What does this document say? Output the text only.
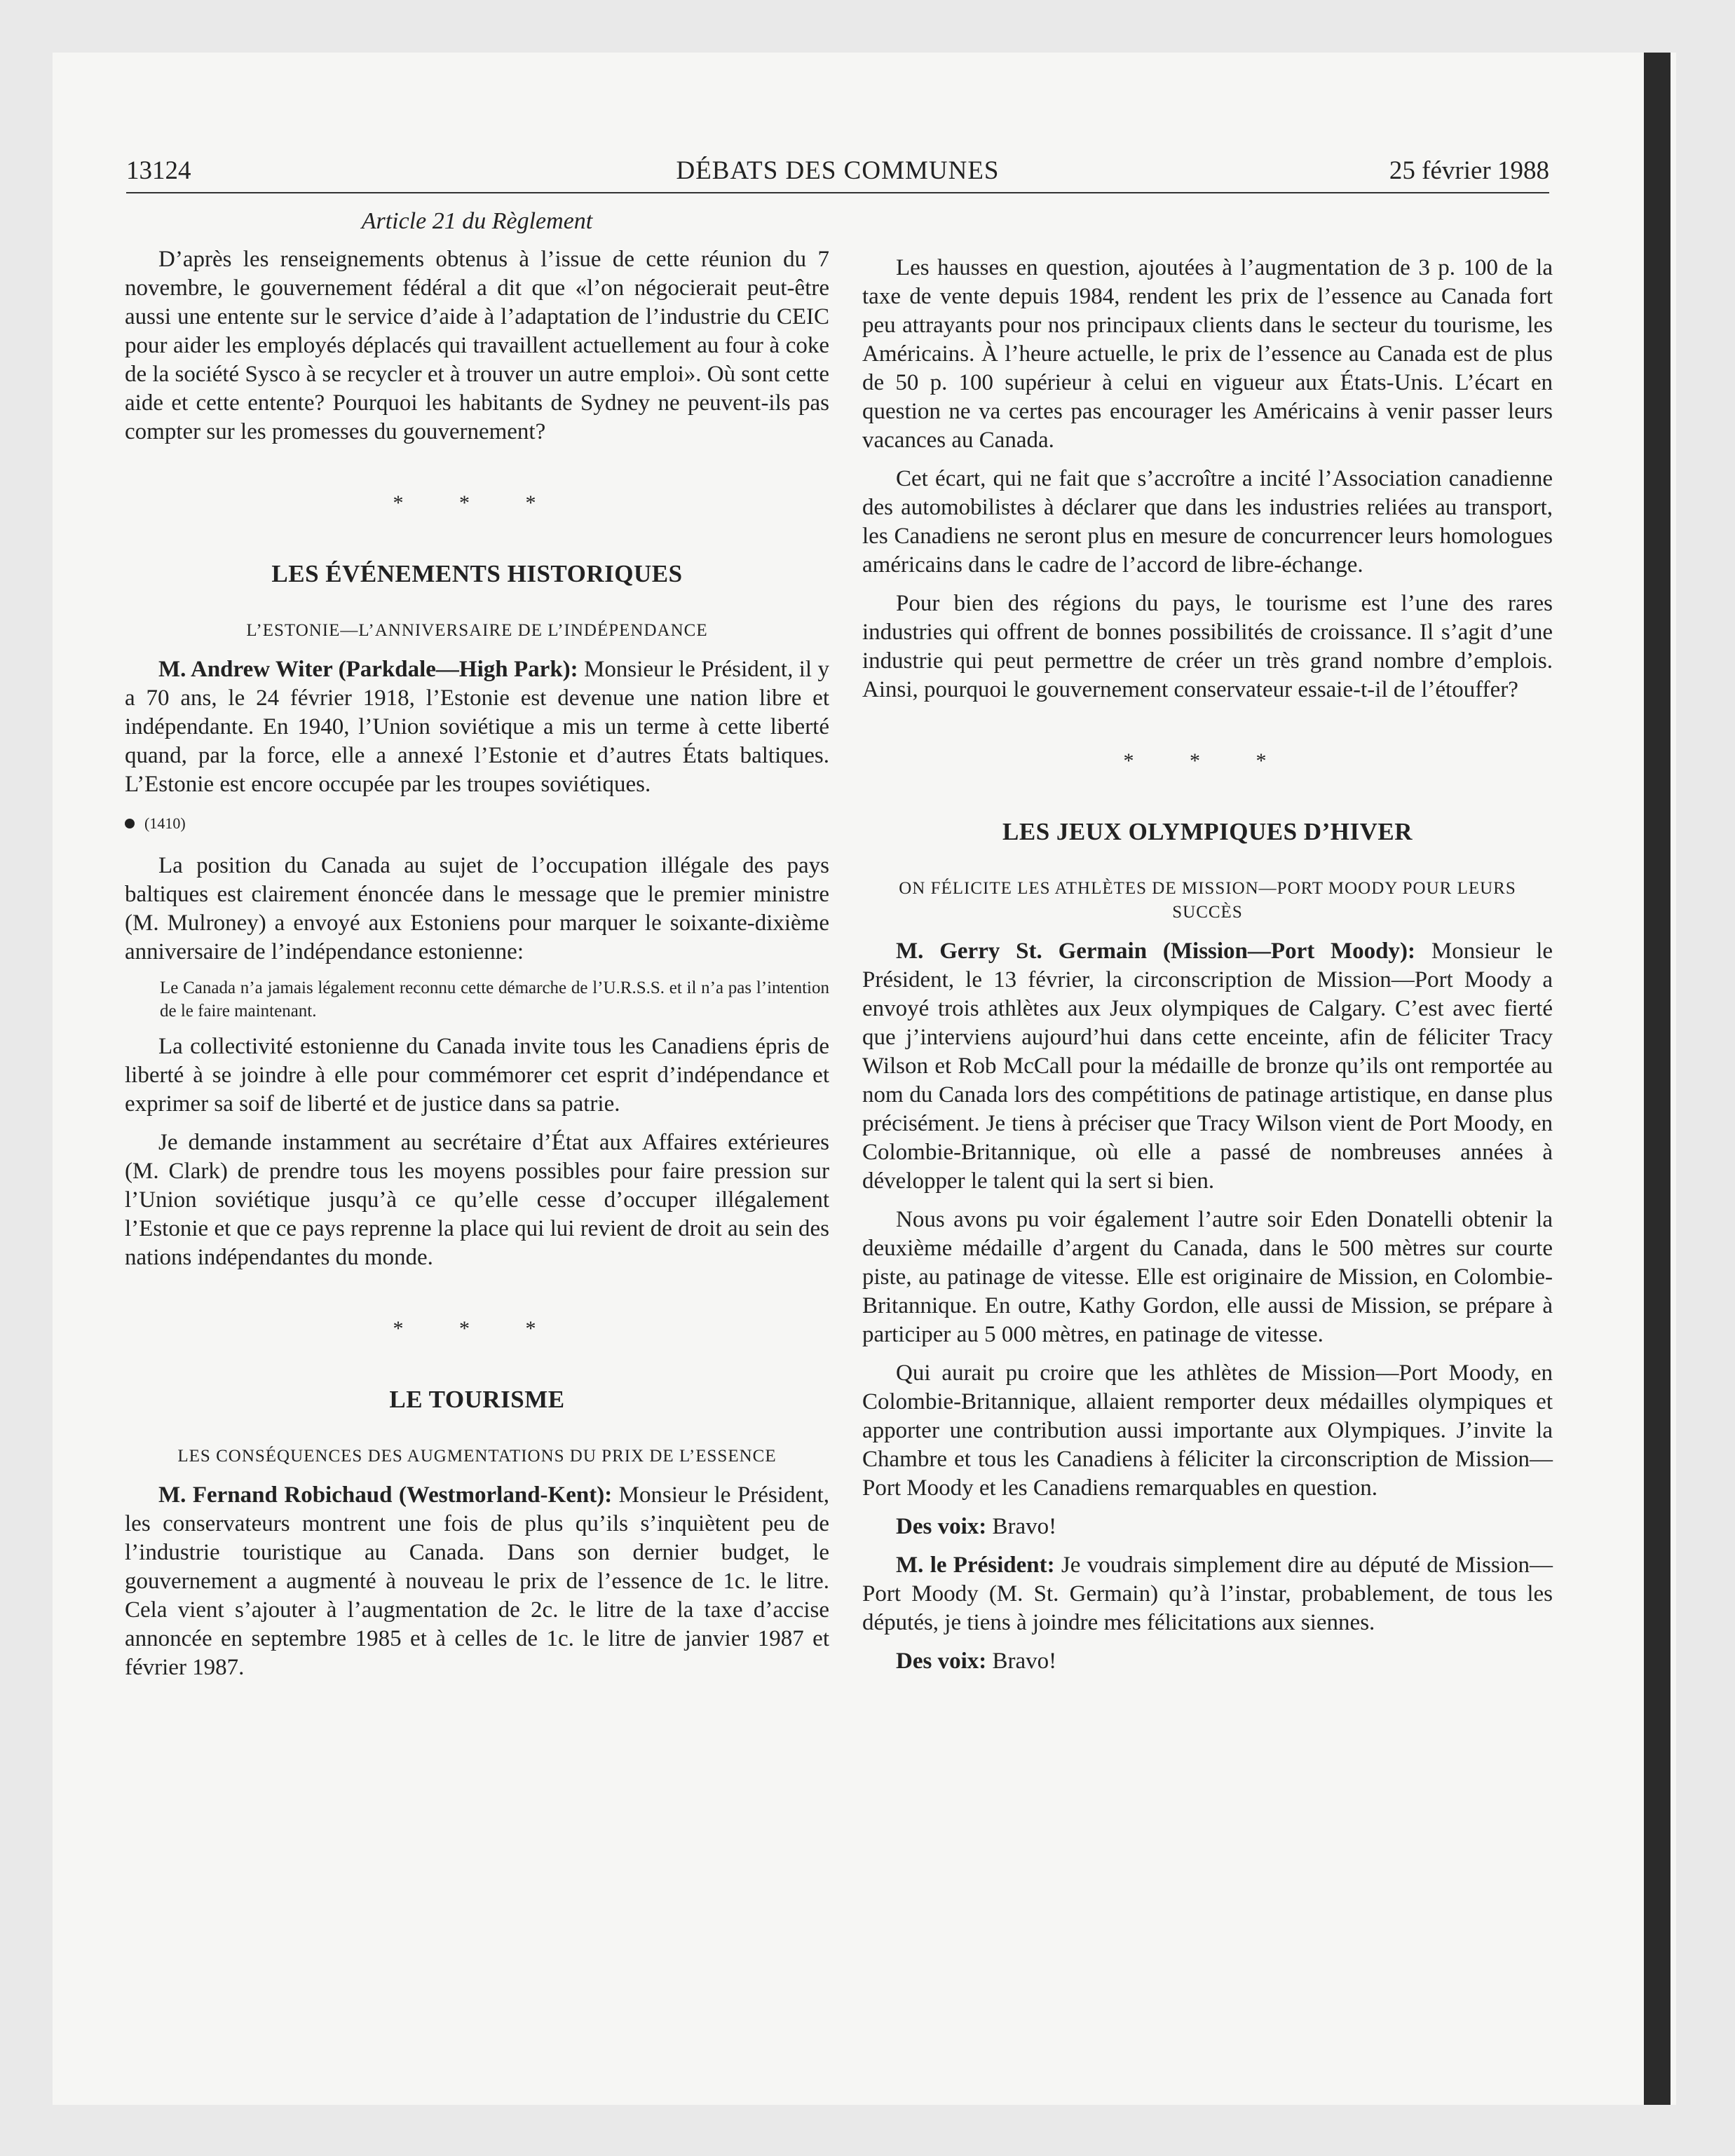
13124	DÉBATS DES COMMUNES	25 février 1988

Article 21 du Règlement

D’après les renseignements obtenus à l’issue de cette réunion du 7 novembre, le gouvernement fédéral a dit que «l’on négocierait peut-être aussi une entente sur le service d’aide à l’adaptation de l’industrie du CEIC pour aider les employés déplacés qui travaillent actuellement au four à coke de la société Sysco à se recycler et à trouver un autre emploi». Où sont cette aide et cette entente? Pourquoi les habitants de Sydney ne peuvent-ils pas compter sur les promesses du gouvernement?

* * *

LES ÉVÉNEMENTS HISTORIQUES

L’ESTONIE—L’ANNIVERSAIRE DE L’INDÉPENDANCE

M. Andrew Witer (Parkdale—High Park): Monsieur le Président, il y a 70 ans, le 24 février 1918, l’Estonie est devenue une nation libre et indépendante. En 1940, l’Union soviétique a mis un terme à cette liberté quand, par la force, elle a annexé l’Estonie et d’autres États baltiques. L’Estonie est encore occupée par les troupes soviétiques.

(1410)

La position du Canada au sujet de l’occupation illégale des pays baltiques est clairement énoncée dans le message que le premier ministre (M. Mulroney) a envoyé aux Estoniens pour marquer le soixante-dixième anniversaire de l’indépendance estonienne:

Le Canada n’a jamais légalement reconnu cette démarche de l’U.R.S.S. et il n’a pas l’intention de le faire maintenant.

La collectivité estonienne du Canada invite tous les Canadiens épris de liberté à se joindre à elle pour commémorer cet esprit d’indépendance et exprimer sa soif de liberté et de justice dans sa patrie.

Je demande instamment au secrétaire d’État aux Affaires extérieures (M. Clark) de prendre tous les moyens possibles pour faire pression sur l’Union soviétique jusqu’à ce qu’elle cesse d’occuper illégalement l’Estonie et que ce pays reprenne la place qui lui revient de droit au sein des nations indépendantes du monde.

* * *

LE TOURISME

LES CONSÉQUENCES DES AUGMENTATIONS DU PRIX DE L’ESSENCE

M. Fernand Robichaud (Westmorland-Kent): Monsieur le Président, les conservateurs montrent une fois de plus qu’ils s’inquiètent peu de l’industrie touristique au Canada. Dans son dernier budget, le gouvernement a augmenté à nouveau le prix de l’essence de 1c. le litre. Cela vient s’ajouter à l’augmentation de 2c. le litre de la taxe d’accise annoncée en septembre 1985 et à celles de 1c. le litre de janvier 1987 et février 1987.

Les hausses en question, ajoutées à l’augmentation de 3 p. 100 de la taxe de vente depuis 1984, rendent les prix de l’essence au Canada fort peu attrayants pour nos principaux clients dans le secteur du tourisme, les Américains. À l’heure actuelle, le prix de l’essence au Canada est de plus de 50 p. 100 supérieur à celui en vigueur aux États-Unis. L’écart en question ne va certes pas encourager les Américains à venir passer leurs vacances au Canada.

Cet écart, qui ne fait que s’accroître a incité l’Association canadienne des automobilistes à déclarer que dans les industries reliées au transport, les Canadiens ne seront plus en mesure de concurrencer leurs homologues américains dans le cadre de l’accord de libre-échange.

Pour bien des régions du pays, le tourisme est l’une des rares industries qui offrent de bonnes possibilités de croissance. Il s’agit d’une industrie qui peut permettre de créer un très grand nombre d’emplois. Ainsi, pourquoi le gouvernement conservateur essaie-t-il de l’étouffer?

* * *

LES JEUX OLYMPIQUES D’HIVER

ON FÉLICITE LES ATHLÈTES DE MISSION—PORT MOODY POUR LEURS SUCCÈS

M. Gerry St. Germain (Mission—Port Moody): Monsieur le Président, le 13 février, la circonscription de Mission—Port Moody a envoyé trois athlètes aux Jeux olympiques de Calgary. C’est avec fierté que j’interviens aujourd’hui dans cette enceinte, afin de féliciter Tracy Wilson et Rob McCall pour la médaille de bronze qu’ils ont remportée au nom du Canada lors des compétitions de patinage artistique, en danse plus précisément. Je tiens à préciser que Tracy Wilson vient de Port Moody, en Colombie-Britannique, où elle a passé de nombreuses années à développer le talent qui la sert si bien.

Nous avons pu voir également l’autre soir Eden Donatelli obtenir la deuxième médaille d’argent du Canada, dans le 500 mètres sur courte piste, au patinage de vitesse. Elle est originaire de Mission, en Colombie-Britannique. En outre, Kathy Gordon, elle aussi de Mission, se prépare à participer au 5 000 mètres, en patinage de vitesse.

Qui aurait pu croire que les athlètes de Mission—Port Moody, en Colombie-Britannique, allaient remporter deux médailles olympiques et apporter une contribution aussi importante aux Olympiques. J’invite la Chambre et tous les Canadiens à féliciter la circonscription de Mission—Port Moody et les Canadiens remarquables en question.

Des voix: Bravo!

M. le Président: Je voudrais simplement dire au député de Mission—Port Moody (M. St. Germain) qu’à l’instar, probablement, de tous les députés, je tiens à joindre mes félicitations aux siennes.

Des voix: Bravo!
